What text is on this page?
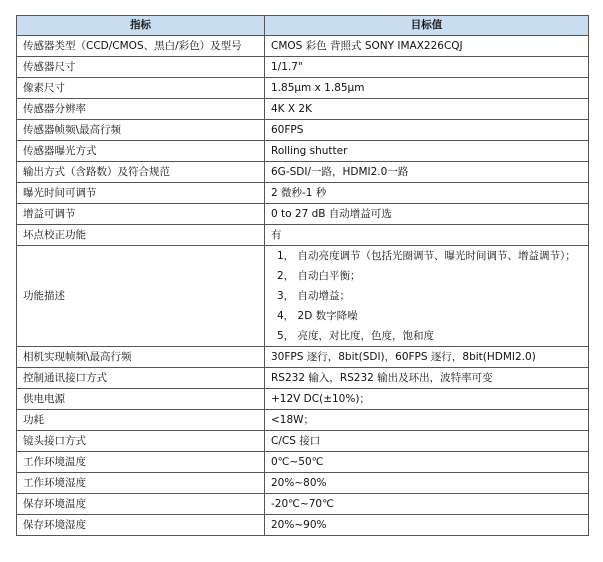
指标	目标值
传感器类型（CCD/CMOS、黑白/彩色）及型号	CMOS 彩色 背照式 SONY IMAX226CQJ
传感器尺寸	1/1.7"
像素尺寸	1.85μm x 1.85μm
传感器分辨率	4K X 2K
传感器帧频\最高行频	60FPS
传感器曝光方式	Rolling shutter
输出方式（含路数）及符合规范	6G-SDI/一路，HDMI2.0一路
曝光时间可调节	2 微秒-1 秒
增益可调节	0 to 27 dB 自动增益可选
坏点校正功能	有
功能描述	1， 自动亮度调节（包括光圈调节、曝光时间调节、增益调节）；
2， 自动白平衡；
3， 自动增益；
4， 2D 数字降噪
5， 亮度，对比度，色度，饱和度

相机实现帧频\最高行频	30FPS 逐行，8bit(SDI)，60FPS 逐行，8bit(HDMI2.0)
控制通讯接口方式	RS232 输入，RS232 输出及环出，波特率可变
供电电源	+12V DC(±10%)；
功耗	<18W；
镜头接口方式	C/CS 接口
工作环境温度	0℃~50℃
工作环境湿度	20%~80%
保存环境温度	-20℃~70℃
保存环境湿度	20%~90%
